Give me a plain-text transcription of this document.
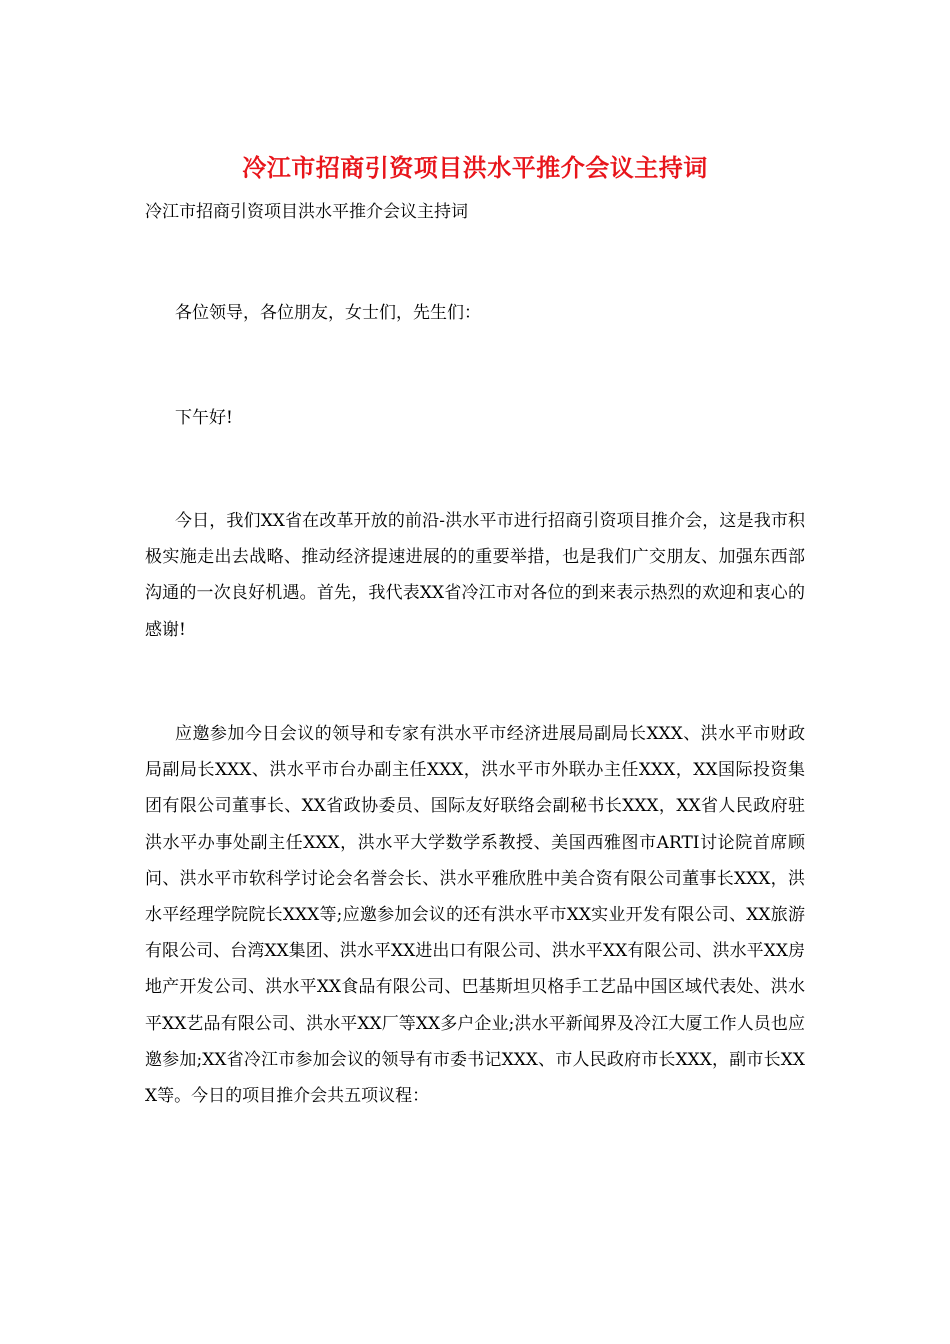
冷江市招商引资项目洪水平推介会议主持词

冷江市招商引资项目洪水平推介会议主持词

各位领导，各位朋友，女士们，先生们：

下午好!

今日，我们XX省在改革开放的前沿-洪水平市进行招商引资项目推介会，这是我市积极实施走出去战略、推动经济提速进展的的重要举措，也是我们广交朋友、加强东西部沟通的一次良好机遇。首先，我代表XX省冷江市对各位的到来表示热烈的欢迎和衷心的感谢!

应邀参加今日会议的领导和专家有洪水平市经济进展局副局长XXX、洪水平市财政局副局长XXX、洪水平市台办副主任XXX，洪水平市外联办主任XXX，XX国际投资集团有限公司董事长、XX省政协委员、国际友好联络会副秘书长XXX，XX省人民政府驻洪水平办事处副主任XXX，洪水平大学数学系教授、美国西雅图市ARTI讨论院首席顾问、洪水平市软科学讨论会名誉会长、洪水平雅欣胜中美合资有限公司董事长XXX，洪水平经理学院院长XXX等;应邀参加会议的还有洪水平市XX实业开发有限公司、XX旅游有限公司、台湾XX集团、洪水平XX进出口有限公司、洪水平XX有限公司、洪水平XX房地产开发公司、洪水平XX食品有限公司、巴基斯坦贝格手工艺品中国区域代表处、洪水平XX艺品有限公司、洪水平XX厂等XX多户企业;洪水平新闻界及冷江大厦工作人员也应邀参加;XX省冷江市参加会议的领导有市委书记XXX、市人民政府市长XXX，副市长XXX等。今日的项目推介会共五项议程：
